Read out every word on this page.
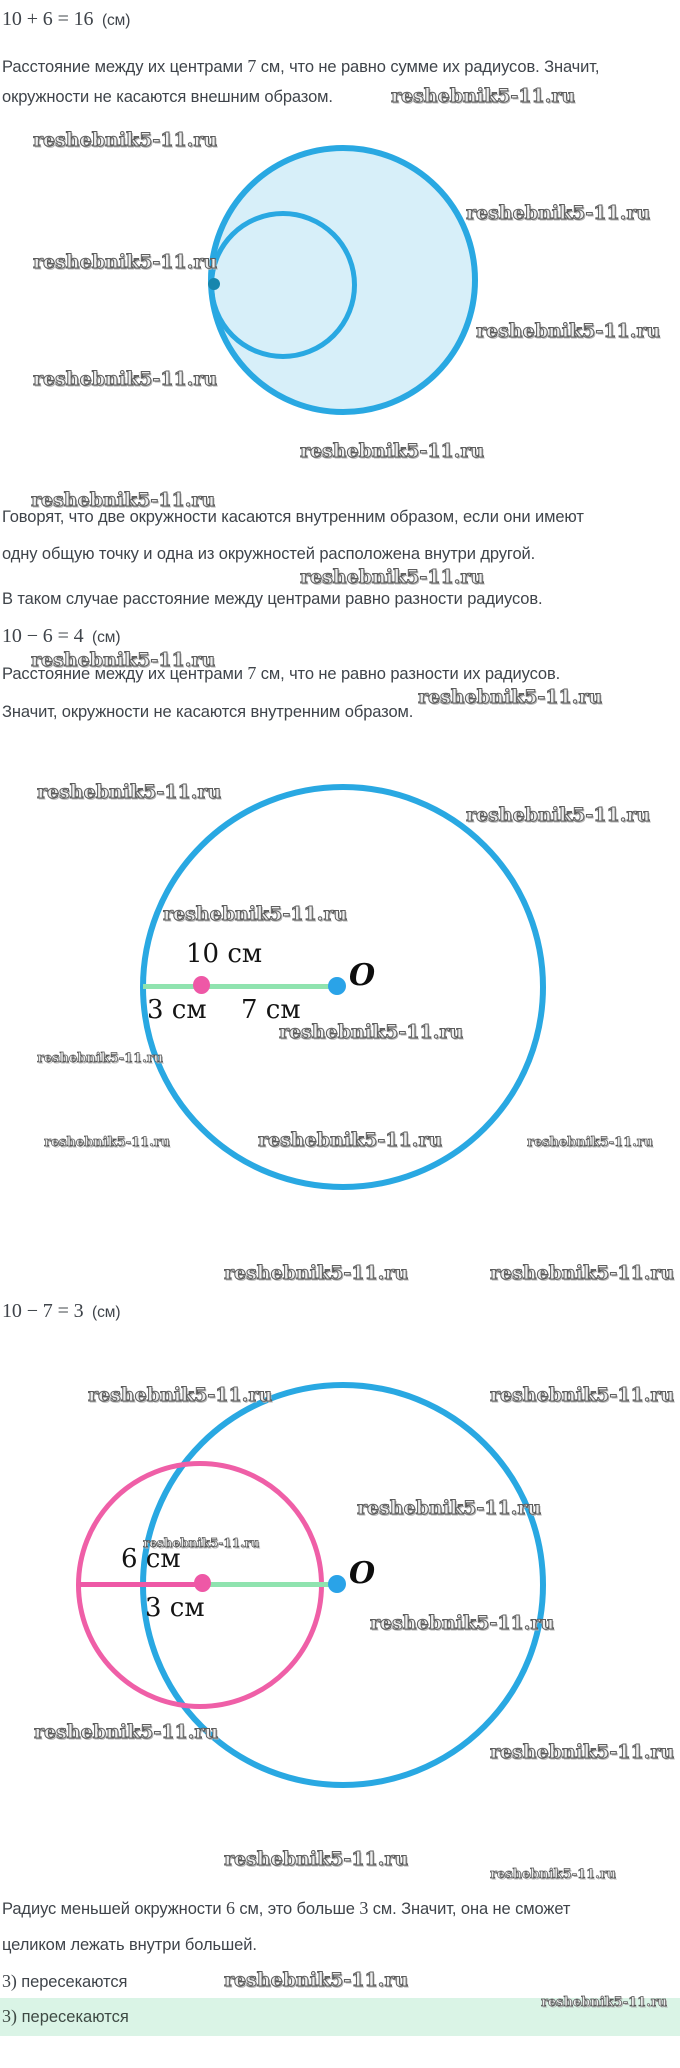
10 + 6 = 16 (см)
Расстояние между их центрами 7 см, что не равно сумме их радиусов. Значит,
окружности не касаются внешним образом.
Говорят, что две окружности касаются внутренним образом, если они имеют
одну общую точку и одна из окружностей расположена внутри другой.
В таком случае расстояние между центрами равно разности радиусов.
10 − 6 = 4 (см)
Расстояние между их центрами 7 см, что не равно разности их радиусов.
Значит, окружности не касаются внутренним образом.
10 см
O
3 см 7 см
10 − 7 = 3 (см)
6 см	O
3 см
Радиус меньшей окружности 6 см, это больше 3 см. Значит, она не сможет
целиком лежать внутри большей.
3) пересекаются
3) пересекаются
reshebnik5-11.ru
reshebnik5-11.ru
reshebnik5-11.ru
reshebnik5-11.ru
reshebnik5-11.ru
reshebnik5-11.ru
reshebnik5-11.ru
reshebnik5-11.ru
reshebnik5-11.ru
reshebnik5-11.ru
reshebnik5-11.ru
reshebnik5-11.ru
reshebnik5-11.ru
reshebnik5-11.ru
reshebnik5-11.ru
reshebnik5-11.ru
reshebnik5-11.ru	reshebnik5-11.ru	reshebnik5-11.ru
reshebnik5-11.ru	reshebnik5-11.ru
reshebnik5-11.ru	reshebnik5-11.ru
reshebnik5-11.ru
reshebnik5-11.ru
reshebnik5-11.ru
reshebnik5-11.ru
reshebnik5-11.ru
reshebnik5-11.ru
reshebnik5-11.ru
reshebnik5-11.ru
reshebnik5-11.ru
